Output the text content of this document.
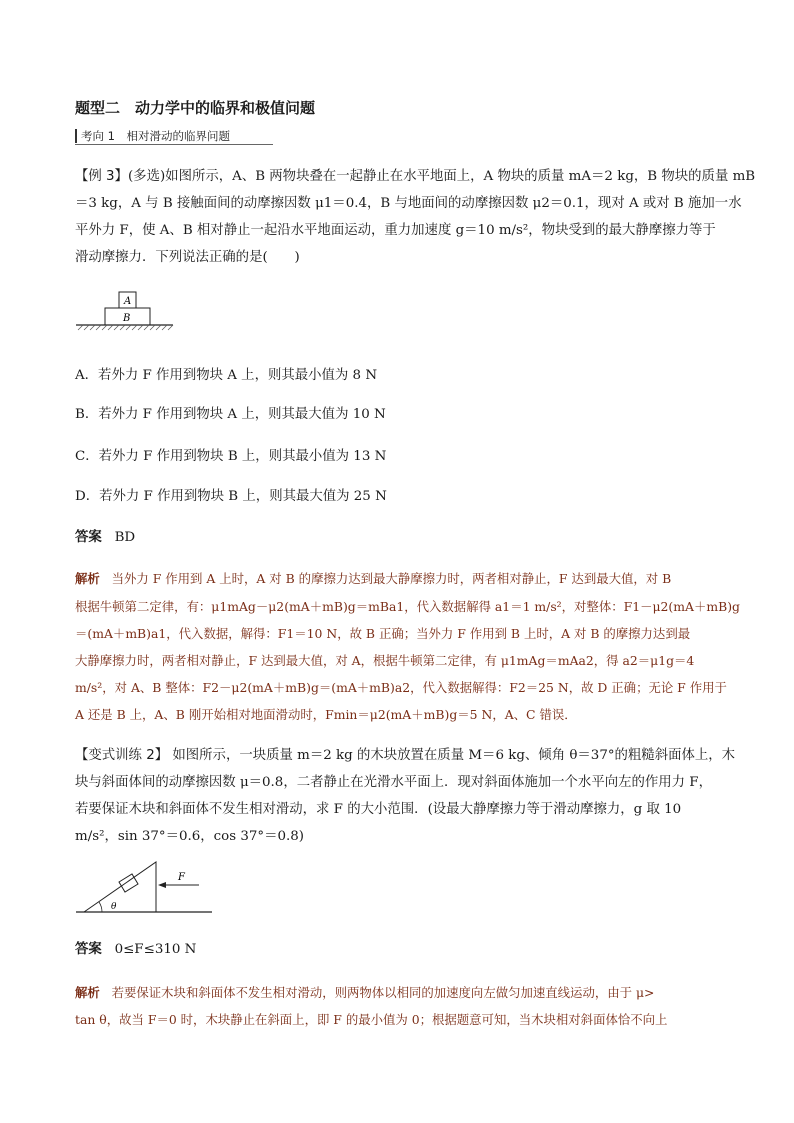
题型二　动力学中的临界和极值问题
考向 1　相对滑动的临界问题
【例 3】(多选)如图所示，A、B 两物块叠在一起静止在水平地面上，A 物块的质量 mA＝2 kg，B 物块的质量 mB
＝3 kg，A 与 B 接触面间的动摩擦因数 μ1＝0.4，B 与地面间的动摩擦因数 μ2＝0.1，现对 A 或对 B 施加一水
平外力 F，使 A、B 相对静止一起沿水平地面运动，重力加速度 g＝10 m/s²，物块受到的最大静摩擦力等于
滑动摩擦力．下列说法正确的是(　　)
A
B
A．若外力 F 作用到物块 A 上，则其最小值为 8 N
B．若外力 F 作用到物块 A 上，则其最大值为 10 N
C．若外力 F 作用到物块 B 上，则其最小值为 13 N
D．若外力 F 作用到物块 B 上，则其最大值为 25 N
答案 BD
解析 当外力 F 作用到 A 上时，A 对 B 的摩擦力达到最大静摩擦力时，两者相对静止，F 达到最大值，对 B
根据牛顿第二定律，有：μ1mAg－μ2(mA＋mB)g＝mBa1，代入数据解得 a1＝1 m/s²，对整体：F1－μ2(mA＋mB)g
＝(mA＋mB)a1，代入数据，解得：F1＝10 N，故 B 正确；当外力 F 作用到 B 上时，A 对 B 的摩擦力达到最
大静摩擦力时，两者相对静止，F 达到最大值，对 A，根据牛顿第二定律，有 μ1mAg＝mAa2，得 a2＝μ1g＝4
m/s²，对 A、B 整体：F2－μ2(mA＋mB)g＝(mA＋mB)a2，代入数据解得：F2＝25 N，故 D 正确；无论 F 作用于
A 还是 B 上，A、B 刚开始相对地面滑动时，Fmin＝μ2(mA＋mB)g＝5 N，A、C 错误．
【变式训练 2】 如图所示，一块质量 m＝2 kg 的木块放置在质量 M＝6 kg、倾角 θ＝37°的粗糙斜面体上，木
块与斜面体间的动摩擦因数 μ＝0.8，二者静止在光滑水平面上．现对斜面体施加一个水平向左的作用力 F，
若要保证木块和斜面体不发生相对滑动，求 F 的大小范围．(设最大静摩擦力等于滑动摩擦力，g 取 10
m/s²，sin 37°＝0.6，cos 37°＝0.8)
F
θ
答案 0≤F≤310 N
解析 若要保证木块和斜面体不发生相对滑动，则两物体以相同的加速度向左做匀加速直线运动，由于 μ>
tan θ，故当 F＝0 时，木块静止在斜面上，即 F 的最小值为 0；根据题意可知，当木块相对斜面体恰不向上
